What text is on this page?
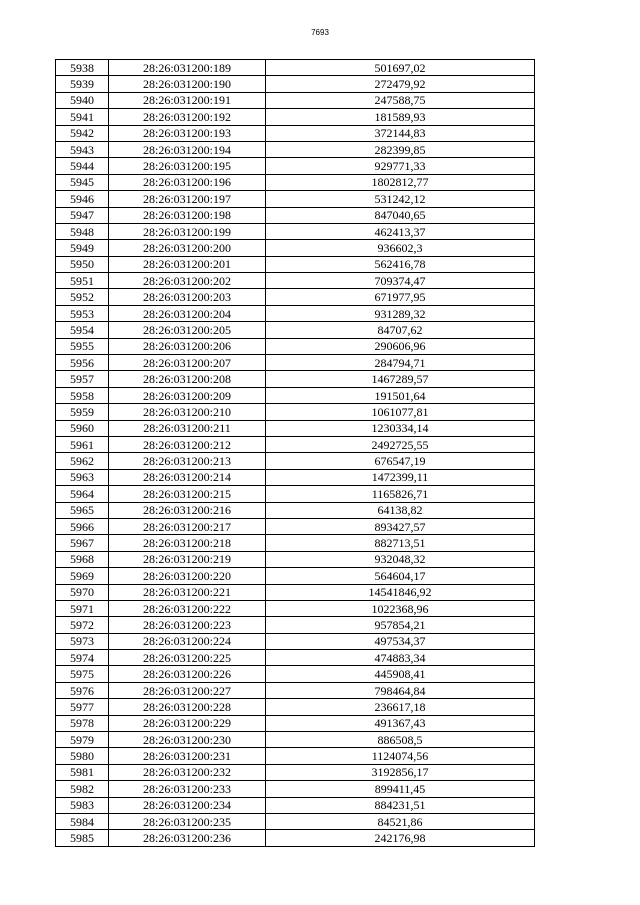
7693
5938	28:26:031200:189	501697,02
5939	28:26:031200:190	272479,92
5940	28:26:031200:191	247588,75
5941	28:26:031200:192	181589,93
5942	28:26:031200:193	372144,83
5943	28:26:031200:194	282399,85
5944	28:26:031200:195	929771,33
5945	28:26:031200:196	1802812,77
5946	28:26:031200:197	531242,12
5947	28:26:031200:198	847040,65
5948	28:26:031200:199	462413,37
5949	28:26:031200:200	936602,3
5950	28:26:031200:201	562416,78
5951	28:26:031200:202	709374,47
5952	28:26:031200:203	671977,95
5953	28:26:031200:204	931289,32
5954	28:26:031200:205	84707,62
5955	28:26:031200:206	290606,96
5956	28:26:031200:207	284794,71
5957	28:26:031200:208	1467289,57
5958	28:26:031200:209	191501,64
5959	28:26:031200:210	1061077,81
5960	28:26:031200:211	1230334,14
5961	28:26:031200:212	2492725,55
5962	28:26:031200:213	676547,19
5963	28:26:031200:214	1472399,11
5964	28:26:031200:215	1165826,71
5965	28:26:031200:216	64138,82
5966	28:26:031200:217	893427,57
5967	28:26:031200:218	882713,51
5968	28:26:031200:219	932048,32
5969	28:26:031200:220	564604,17
5970	28:26:031200:221	14541846,92
5971	28:26:031200:222	1022368,96
5972	28:26:031200:223	957854,21
5973	28:26:031200:224	497534,37
5974	28:26:031200:225	474883,34
5975	28:26:031200:226	445908,41
5976	28:26:031200:227	798464,84
5977	28:26:031200:228	236617,18
5978	28:26:031200:229	491367,43
5979	28:26:031200:230	886508,5
5980	28:26:031200:231	1124074,56
5981	28:26:031200:232	3192856,17
5982	28:26:031200:233	899411,45
5983	28:26:031200:234	884231,51
5984	28:26:031200:235	84521,86
5985	28:26:031200:236	242176,98
